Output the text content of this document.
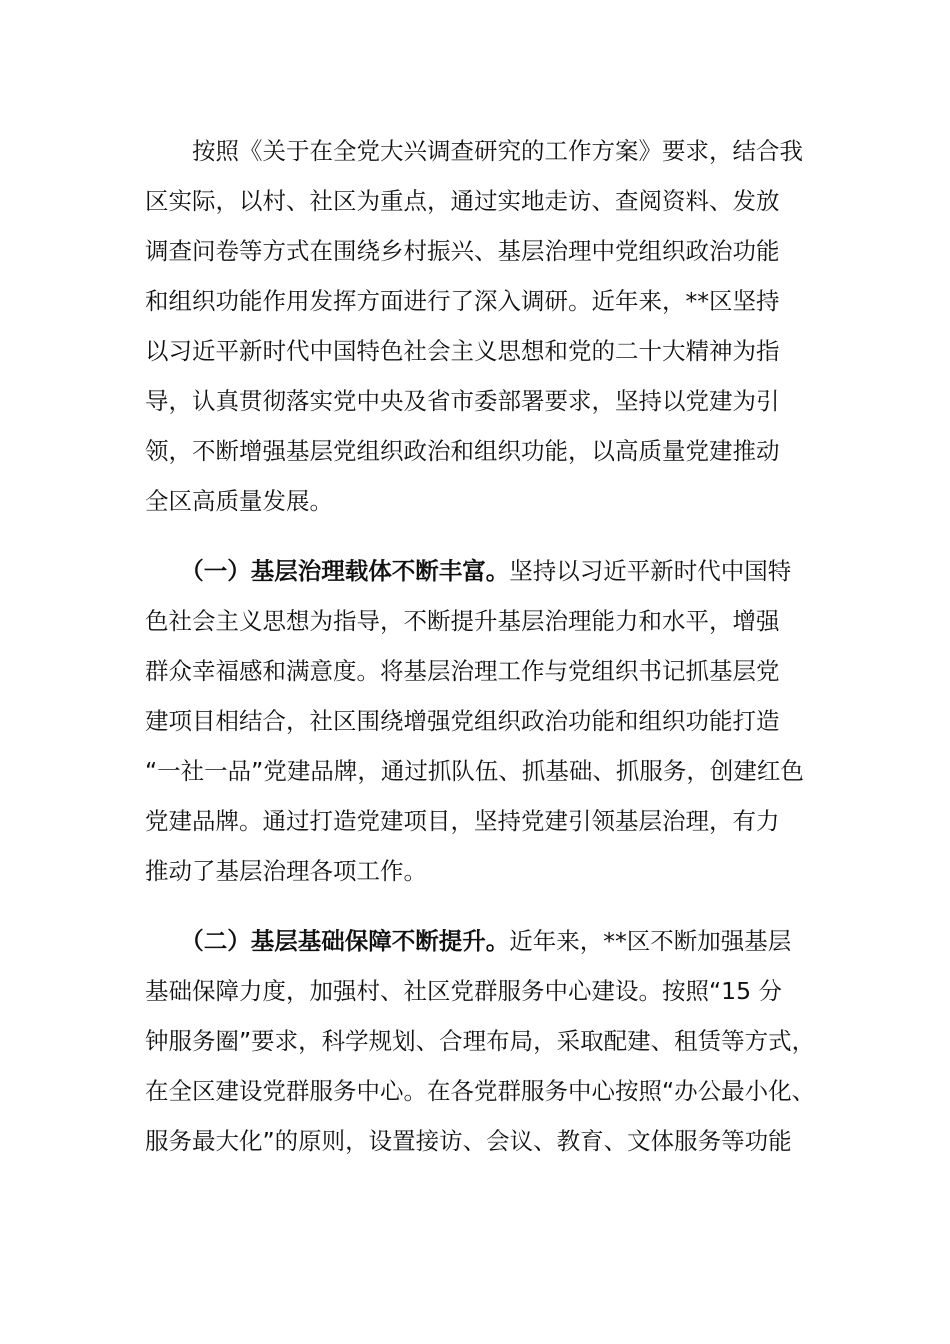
　　按照《关于在全党大兴调查研究的工作方案》要求，结合我
区实际，以村、社区为重点，通过实地走访、查阅资料、发放
调查问卷等方式在围绕乡村振兴、基层治理中党组织政治功能
和组织功能作用发挥方面进行了深入调研。近年来，**区坚持
以习近平新时代中国特色社会主义思想和党的二十大精神为指
导，认真贯彻落实党中央及省市委部署要求，坚持以党建为引
领，不断增强基层党组织政治和组织功能，以高质量党建推动
全区高质量发展。
　　（一）基层治理载体不断丰富。坚持以习近平新时代中国特
色社会主义思想为指导，不断提升基层治理能力和水平，增强
群众幸福感和满意度。将基层治理工作与党组织书记抓基层党
建项目相结合，社区围绕增强党组织政治功能和组织功能打造
“一社一品”党建品牌，通过抓队伍、抓基础、抓服务，创建红色
党建品牌。通过打造党建项目，坚持党建引领基层治理，有力
推动了基层治理各项工作。
　　（二）基层基础保障不断提升。近年来，**区不断加强基层
基础保障力度，加强村、社区党群服务中心建设。按照“15 分
钟服务圈”要求，科学规划、合理布局，采取配建、租赁等方式，
在全区建设党群服务中心。在各党群服务中心按照“办公最小化、
服务最大化”的原则，设置接访、会议、教育、文体服务等功能
